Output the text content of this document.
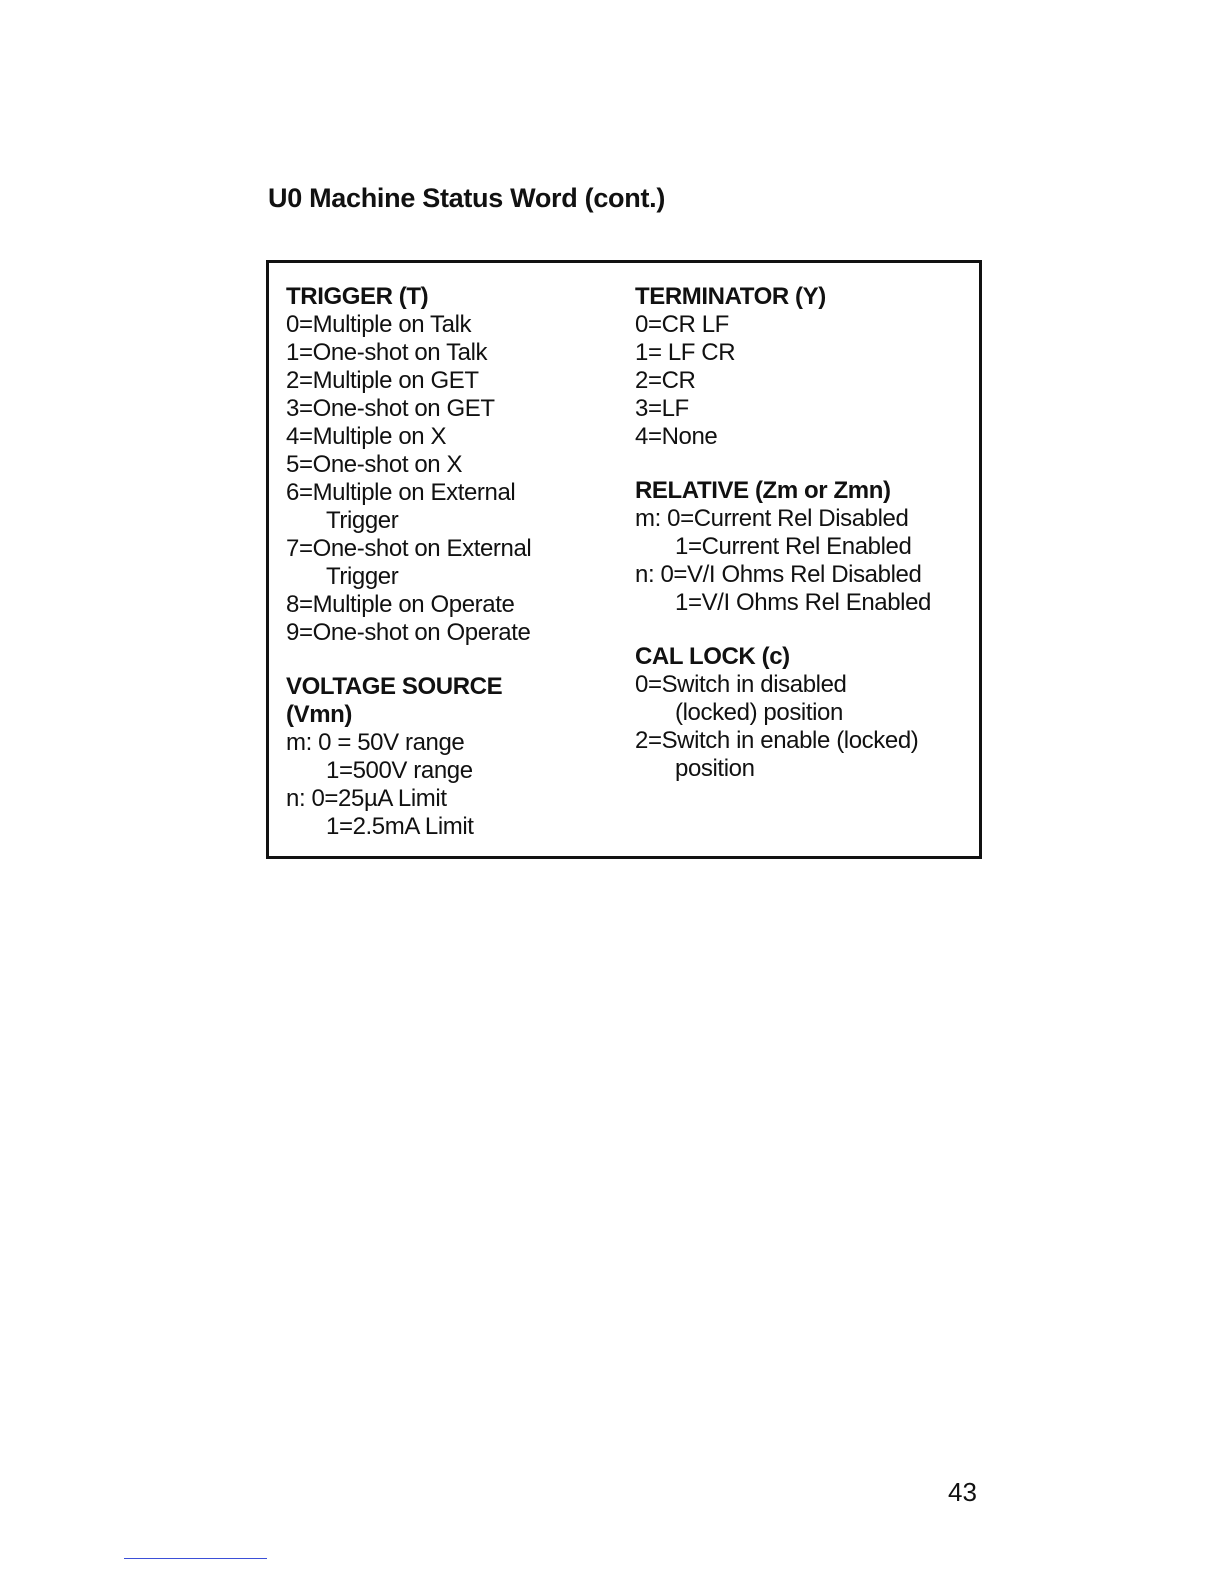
U0 Machine Status Word (cont.)
TRIGGER (T)
0=Multiple on Talk
1=One-shot on Talk
2=Multiple on GET
3=One-shot on GET
4=Multiple on X
5=One-shot on X
6=Multiple on External
Trigger
7=One-shot on External
Trigger
8=Multiple on Operate
9=One-shot on Operate
VOLTAGE SOURCE
(Vmn)
m: 0 = 50V range
1=500V range
n: 0=25µA Limit
1=2.5mA Limit
TERMINATOR (Y)
0=CR LF
1= LF CR
2=CR
3=LF
4=None
RELATIVE (Zm or Zmn)
m: 0=Current Rel Disabled
1=Current Rel Enabled
n: 0=V/I Ohms Rel Disabled
1=V/I Ohms Rel Enabled
CAL LOCK (c)
0=Switch in disabled
(locked) position
2=Switch in enable (locked)
position

43
